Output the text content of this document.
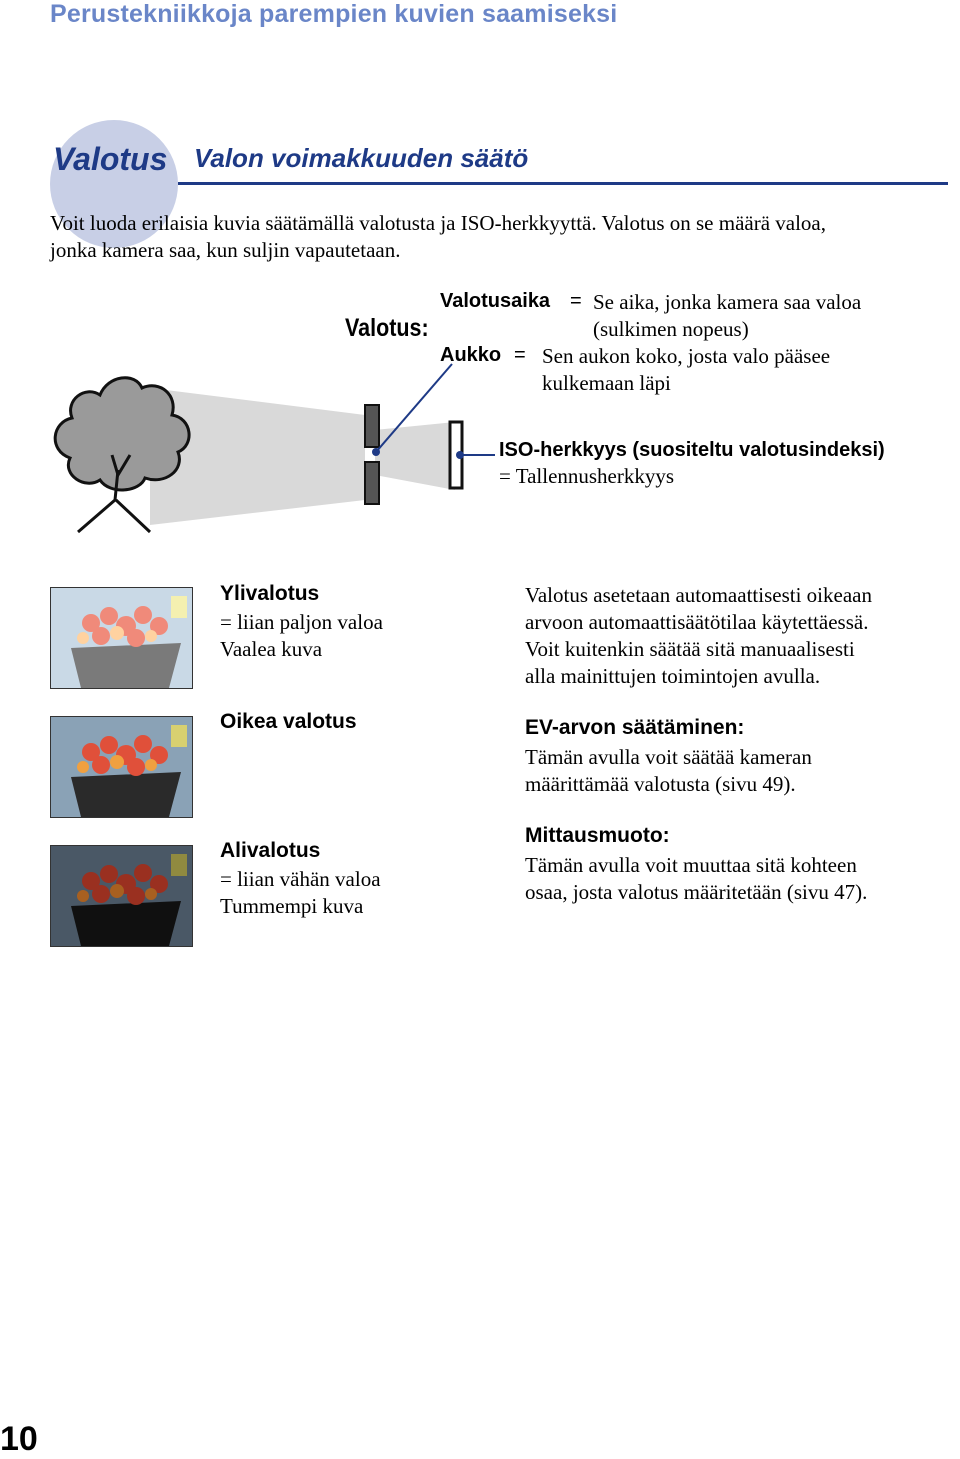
Perustekniikkoja parempien kuvien saamiseksi
Valotus Valon voimakkuuden säätö
Voit luoda erilaisia kuvia säätämällä valotusta ja ISO-herkkyyttä. Valotus on se määrä valoa,
jonka kamera saa, kun suljin vapautetaan.
Valotus:
Valotusaika = Se aika, jonka kamera saa valoa
(sulkimen nopeus)
Aukko = Sen aukon koko, josta valo pääsee
kulkemaan läpi
ISO-herkkyys (suositeltu valotusindeksi)
= Tallennusherkkyys
Ylivalotus
= liian paljon valoa
Vaalea kuva
Oikea valotus
Alivalotus
= liian vähän valoa
Tummempi kuva
Valotus asetetaan automaattisesti oikeaan
arvoon automaattisäätötilaa käytettäessä.
Voit kuitenkin säätää sitä manuaalisesti
alla mainittujen toimintojen avulla.
EV-arvon säätäminen:
Tämän avulla voit säätää kameran
määrittämää valotusta (sivu 49).
Mittausmuoto:
Tämän avulla voit muuttaa sitä kohteen
osaa, josta valotus määritetään (sivu 47).
10
